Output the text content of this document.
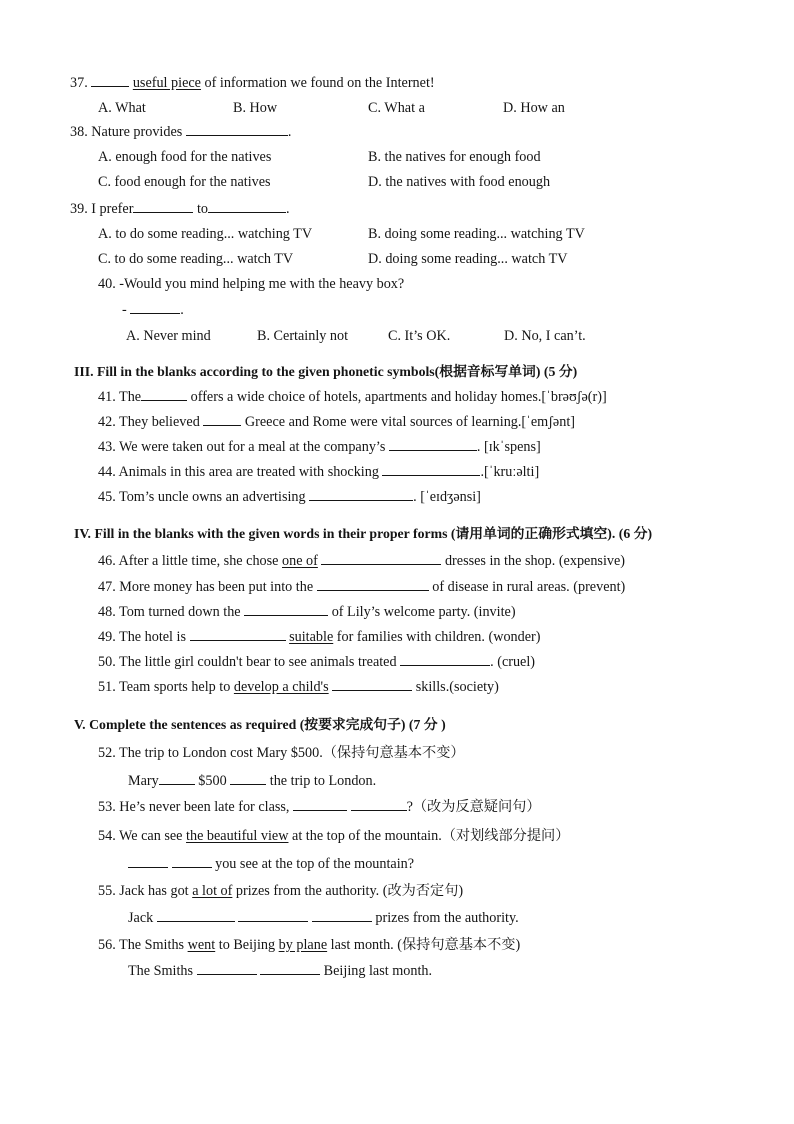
37.	useful piece of information we found on the Internet!
A. What	B. How	C. What a	D. How an
38. Nature provides	.
A. enough food for the natives	B. the natives for enough food
C. food enough for the natives	D. the natives with food enough
39. I prefer	to	.
A. to do some reading... watching TV	B. doing some reading... watching TV
C. to do some reading... watch TV	D. doing some reading... watch TV
40. -Would you mind helping me with the heavy box?
-	.
A. Never mind	B. Certainly not	C. It’s OK.	D. No, I can’t.
III. Fill in the blanks according to the given phonetic symbols(根据音标写单词) (5 分)
41. The	offers a wide choice of hotels, apartments and holiday homes.[ˈbrəʊʃə(r)]
42. They believed	Greece and Rome were vital sources of learning.[ˈemʃənt]
43. We were taken out for a meal at the company’s	. [ɪkˈspens]
44. Animals in this area are treated with shocking	.[ˈkruːəlti]
45. Tom’s uncle owns an advertising	. [ˈeɪdʒənsi]
IV. Fill in the blanks with the given words in their proper forms (请用单词的正确形式填空). (6 分)
46. After a little time, she chose one of	dresses in the shop. (expensive)
47. More money has been put into the	of disease in rural areas. (prevent)
48. Tom turned down the	of Lily’s welcome party. (invite)
49. The hotel is	suitable for families with children. (wonder)
50. The little girl couldn't bear to see animals treated	. (cruel)
51. Team sports help to develop a child's	skills.(society)
V. Complete the sentences as required (按要求完成句子) (7 分 )
52. The trip to London cost Mary $500.（保持句意基本不变）
Mary	$500	the trip to London.
53. He’s never been late for class,	?（改为反意疑问句）
54. We can see the beautiful view at the top of the mountain.（对划线部分提问）
you see at the top of the mountain?
55. Jack has got a lot of prizes from the authority. (改为否定句)
Jack	prizes from the authority.
56. The Smiths went to Beijing by plane last month. (保持句意基本不变)
The Smiths	Beijing last month.
